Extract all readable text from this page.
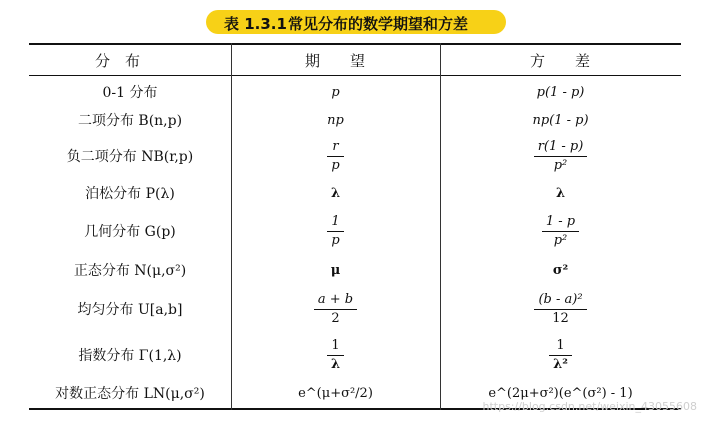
表 1.3.1 常见分布的数学期望和方差
分　布	期　　望	方　　差
0-1 分布	p	p(1 - p)
二项分布 B(n,p)	np	np(1 - p)
负二项分布 NB(r,p)	$\frac{r}{p}$	$\frac{r(1 - p)}{\text{p²}}$
泊松分布 P(λ)	λ	λ
几何分布 G(p)	$\frac{1}{p}$	$\frac{1 - p}{\text{p²}}$
正态分布 N(μ,σ²)	μ	σ²
均匀分布 U[a,b]	$\frac{a + b}{2}$	$\frac{\text{(b - a)²}}{12}$
指数分布 Γ(1,λ)	$\frac{1}{\lambda}$	$\frac{1}{\text{λ²}}$
对数正态分布 LN(μ,σ²)	e^(μ+σ²/2)	e^(2μ+σ²)(e^(σ²) - 1)
https://blog.csdn.net/weixin_43055608
